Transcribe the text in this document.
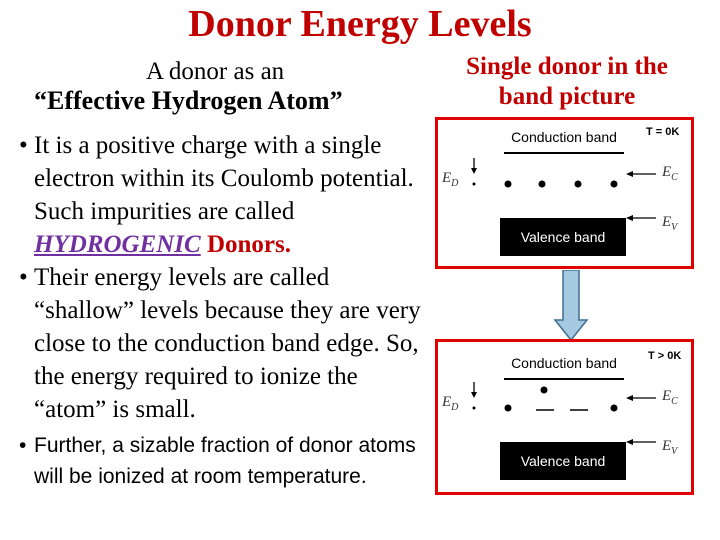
Donor Energy Levels
A donor as an
“Effective Hydrogen Atom”
Single donor in the
band picture
• It is a positive charge with a single electron within its Coulomb potential. Such impurities are called HYDROGENIC Donors.
• Their energy levels are called “shallow” levels because they are very close to the conduction band edge. So, the energy required to ionize the “atom” is small.
• Further, a sizable fraction of donor atoms will be ionized at room temperature.
Conduction band	T = 0K
$E_D$
$E_C$
$E_V$
Valence band
Conduction band	T > 0K
$E_D$
$E_C$
$E_V$
Valence band
